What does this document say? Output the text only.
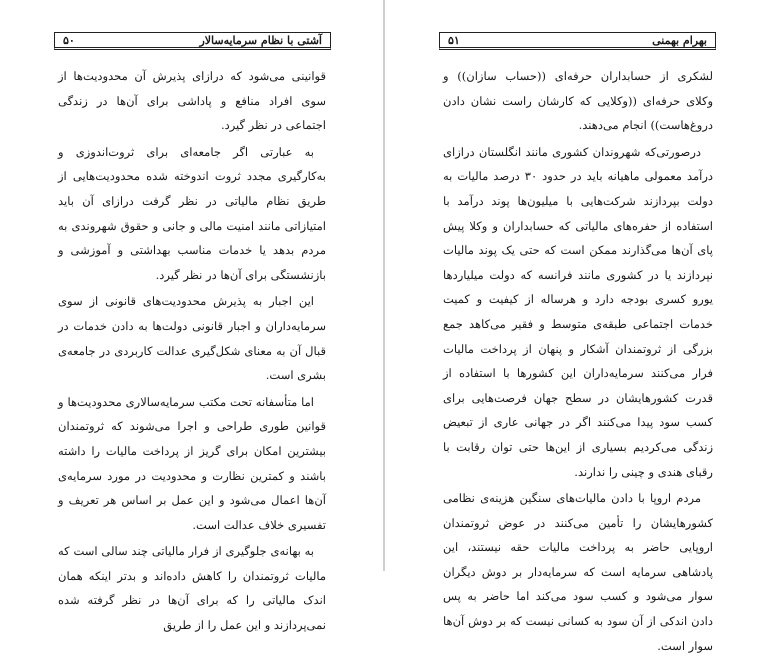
۵۰	آشتی با نظام سرمایه‌سالار

قوانینی می‌شود که درازای پذیرش آن محدودیت‌ها از سوی افراد منافع و پاداشی برای آن‌ها در زندگی اجتماعی در نظر گیرد.

به عبارتی اگر جامعه‌ای برای ثروت‌اندوزی و به‌کارگیری مجدد ثروت اندوخته شده محدودیت‌هایی از طریق نظام مالیاتی در نظر گرفت درازای آن باید امتیازاتی مانند امنیت مالی و جانی و حقوق شهروندی به مردم بدهد یا خدمات مناسب بهداشتی و آموزشی و بازنشستگی برای آن‌ها در نظر گیرد.

این اجبار به پذیرش محدودیت‌های قانونی از سوی سرمایه‌داران و اجبار قانونی دولت‌ها به دادن خدمات در قبال آن به معنای شکل‌گیری عدالت کاربردی در جامعه‌ی بشری است.

اما متأسفانه تحت مکتب سرمایه‌سالاری محدودیت‌ها و قوانین طوری طراحی و اجرا می‌شوند که ثروتمندان بیشترین امکان برای گریز از پرداخت مالیات را داشته باشند و کمترین نظارت و محدودیت در مورد سرمایه‌ی آن‌ها اعمال می‌شود و این عمل بر اساس هر تعریف و تفسیری خلاف عدالت است.

به بهانه‌ی جلوگیری از فرار مالیاتی چند سالی است که مالیات ثروتمندان را کاهش داده‌اند و بدتر اینکه همان اندک مالیاتی را که برای آن‌ها در نظر گرفته شده نمی‌پردازند و این عمل را از طریق

۵۱	بهرام بهمنی

لشکری از حسابداران حرفه‌ای ((حساب سازان)) و وکلای حرفه‌ای ((وکلایی که کارشان راست نشان دادن دروغ‌هاست)) انجام می‌دهند.

درصورتی‌که شهروندان کشوری مانند انگلستان درازای درآمد معمولی ماهیانه باید در حدود ۳۰ درصد مالیات به دولت بپردازند شرکت‌هایی با میلیون‌ها پوند درآمد با استفاده از حفره‌های مالیاتی که حسابداران و وکلا پیش پای آن‌ها می‌گذارند ممکن است که حتی یک پوند مالیات نپردازند یا در کشوری مانند فرانسه که دولت میلیاردها یورو کسری بودجه دارد و هرساله از کیفیت و کمیت خدمات اجتماعی طبقه‌ی متوسط و فقیر می‌کاهد جمع بزرگی از ثروتمندان آشکار و پنهان از پرداخت مالیات فرار می‌کنند سرمایه‌داران این کشورها با استفاده از قدرت کشورهایشان در سطح جهان فرصت‌هایی برای کسب سود پیدا می‌کنند اگر در جهانی عاری از تبعیض زندگی می‌کردیم بسیاری از این‌ها حتی توان رقابت با رقبای هندی و چینی را ندارند.

مردم اروپا با دادن مالیات‌های سنگین هزینه‌ی نظامی کشورهایشان را تأمین می‌کنند در عوض ثروتمندان اروپایی حاضر به پرداخت مالیات حقه نیستند، این پادشاهی سرمایه است که سرمایه‌دار بر دوش دیگران سوار می‌شود و کسب سود می‌کند اما حاضر به پس دادن اندکی از آن سود به کسانی نیست که بر دوش آن‌ها سوار است.
